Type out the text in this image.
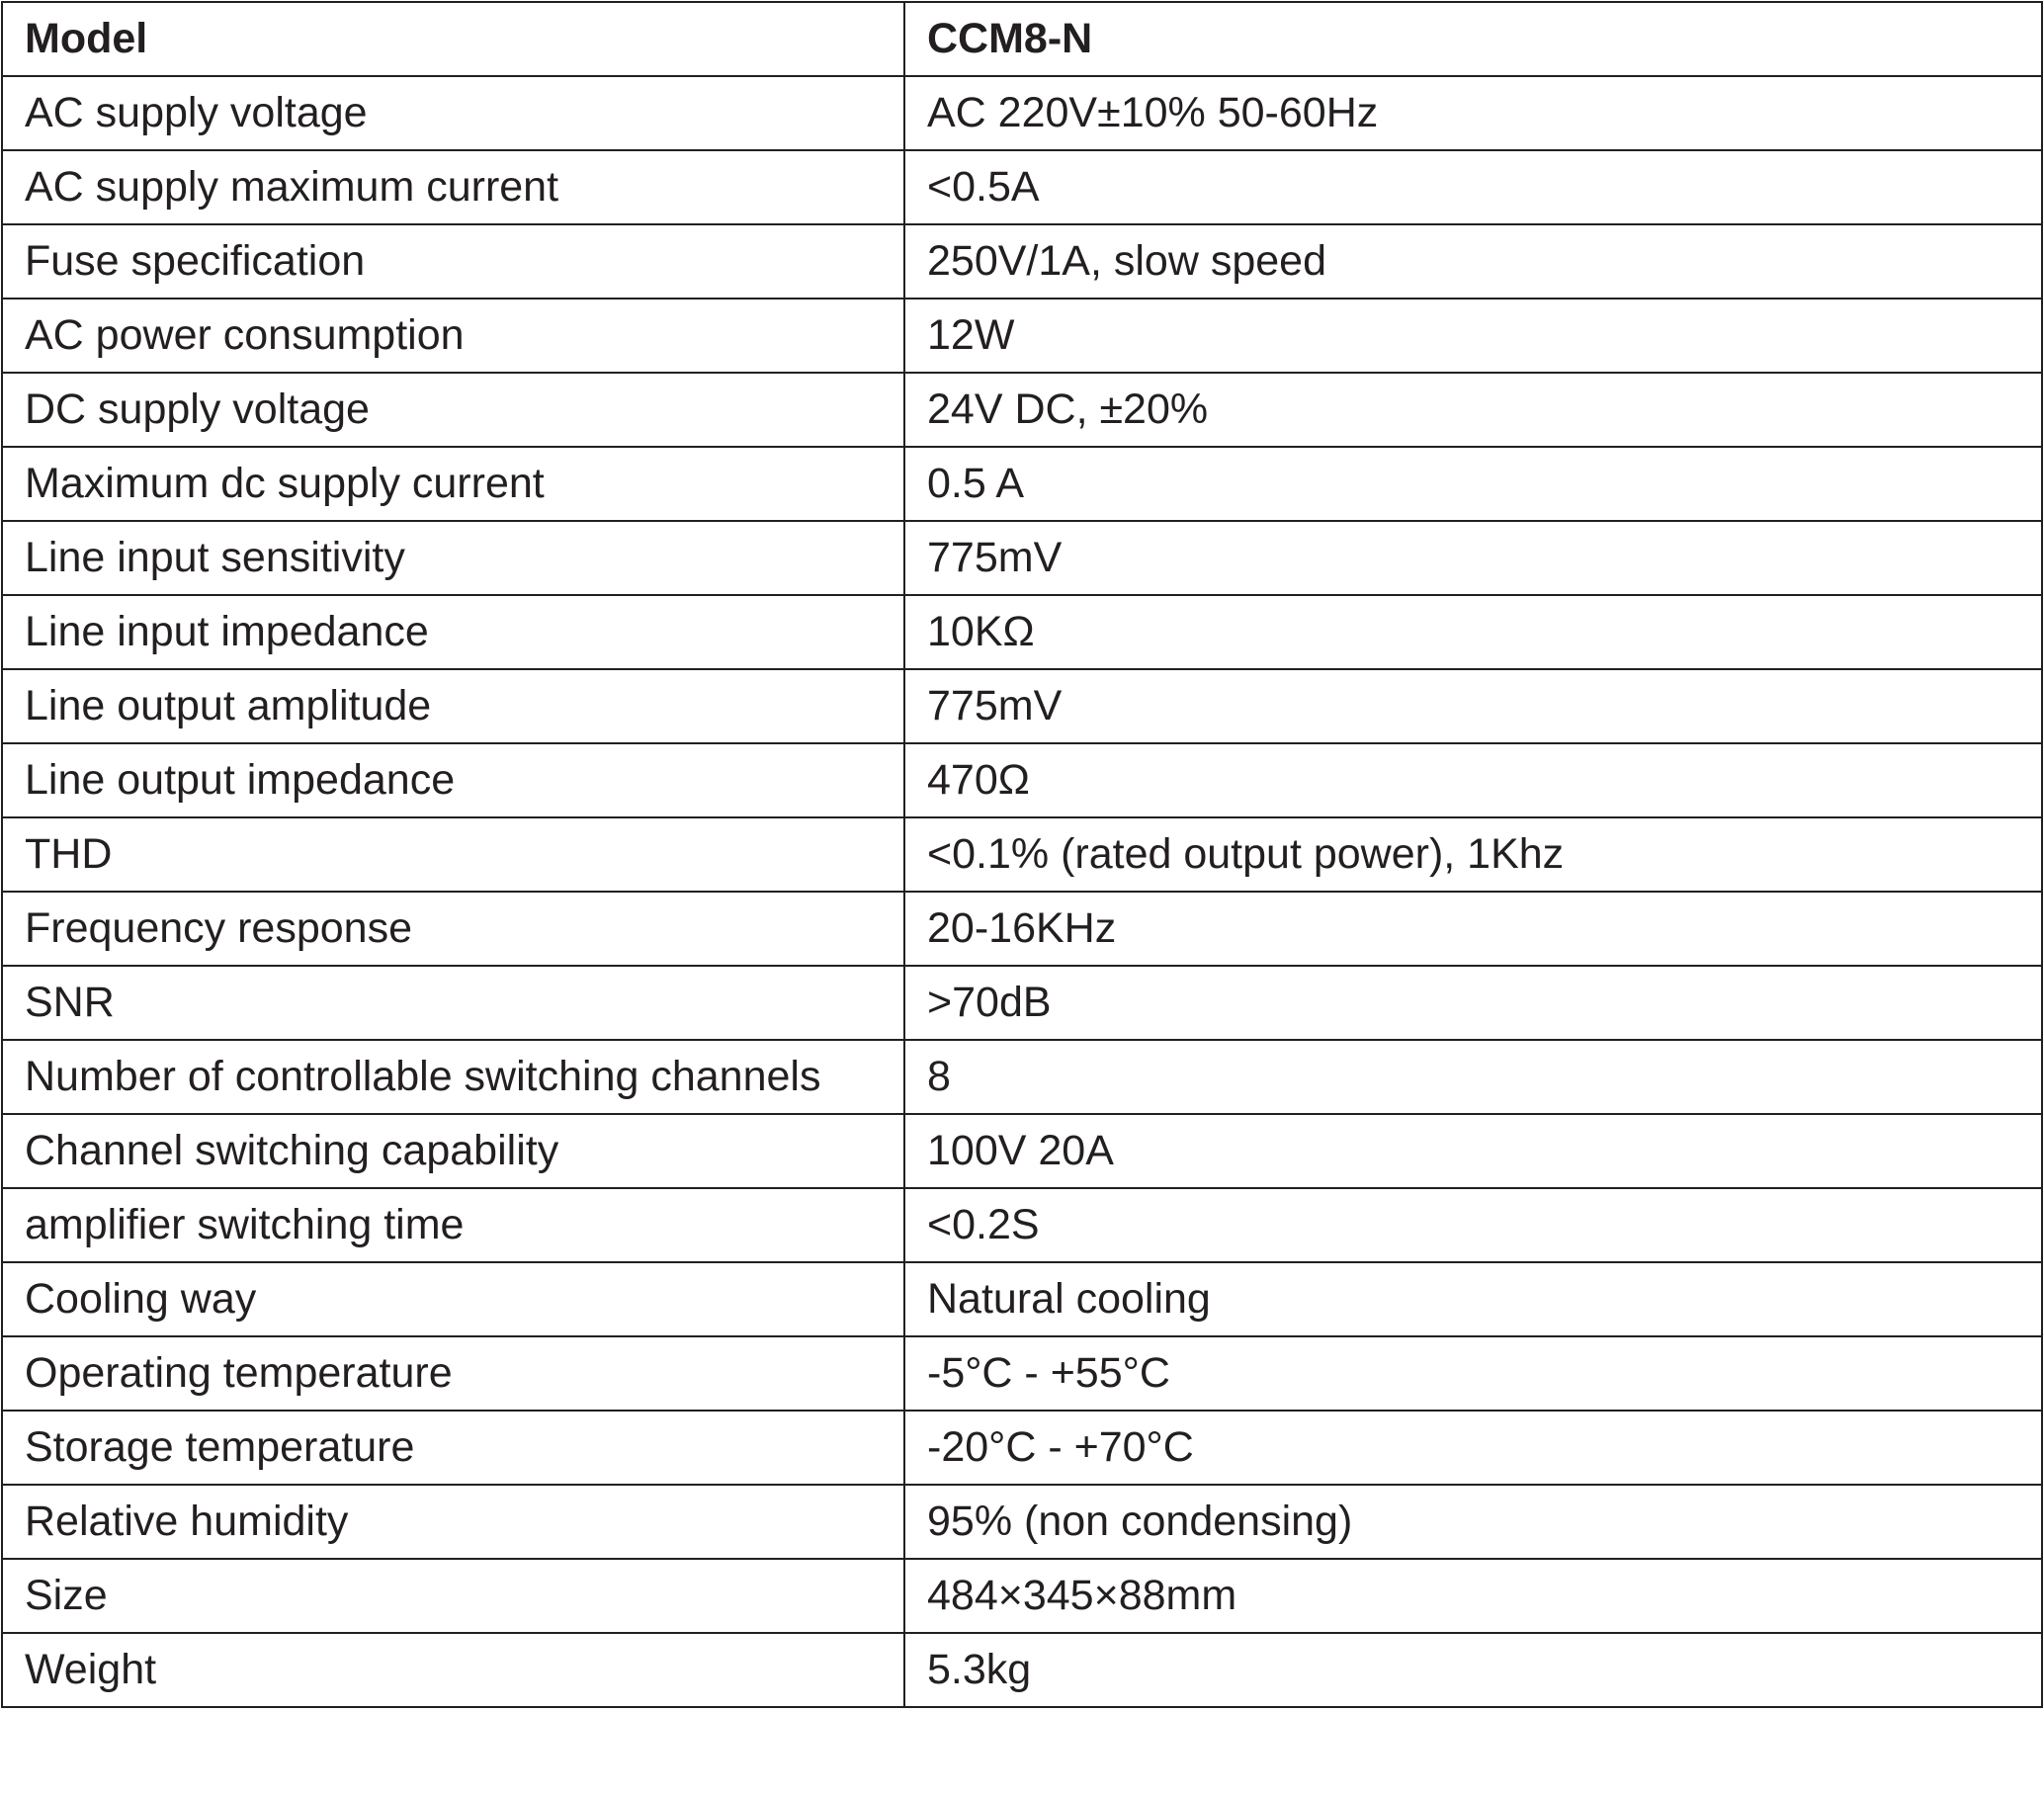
Model	CCM8-N
AC supply voltage	AC 220V±10% 50-60Hz
AC supply maximum current	<0.5A
Fuse specification	250V/1A, slow speed
AC power consumption	12W
DC supply voltage	24V DC, ±20%
Maximum dc supply current	0.5 A
Line input sensitivity	775mV
Line input impedance	10KΩ
Line output amplitude	775mV
Line output impedance	470Ω
THD	<0.1% (rated output power), 1Khz
Frequency response	20-16KHz
SNR	>70dB
Number of controllable switching channels	8
Channel switching capability	100V 20A
amplifier switching time	<0.2S
Cooling way	Natural cooling
Operating temperature	-5°C - +55°C
Storage temperature	-20°C - +70°C
Relative humidity	95% (non condensing)
Size	484×345×88mm
Weight	5.3kg
